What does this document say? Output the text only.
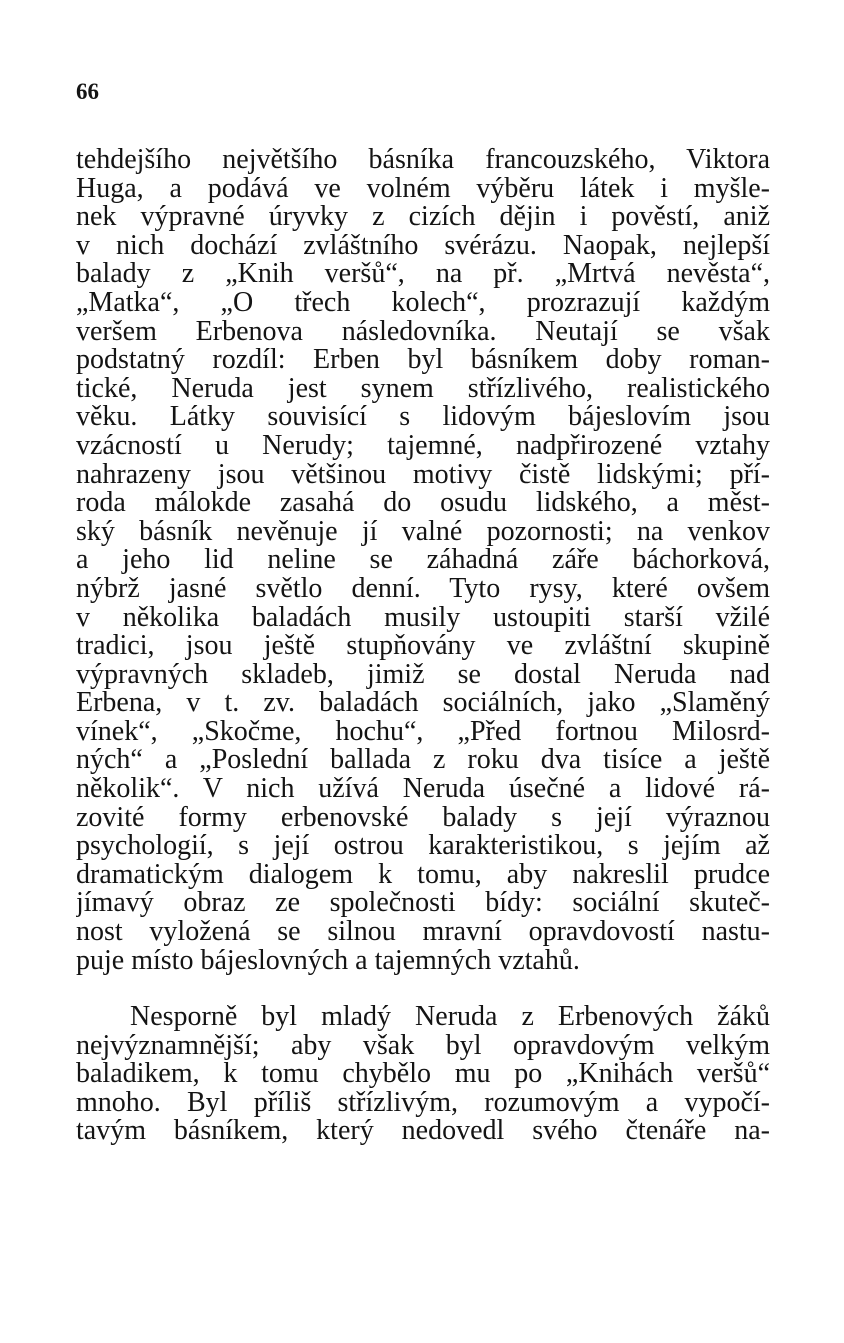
66
tehdejšího největšího básníka francouzského, Viktora
Huga, a podává ve volném výběru látek i myšle-
nek výpravné úryvky z cizích dějin i pověstí, aniž
v nich dochází zvláštního svérázu. Naopak, nejlepší
balady z „Knih veršů“, na př. „Mrtvá nevěsta“,
„Matka“, „O třech kolech“, prozrazují každým
veršem Erbenova následovníka. Neutají se však
podstatný rozdíl: Erben byl básníkem doby roman-
tické, Neruda jest synem střízlivého, realistického
věku. Látky souvisící s lidovým bájeslovím jsou
vzácností u Nerudy; tajemné, nadpřirozené vztahy
nahrazeny jsou většinou motivy čistě lidskými; pří-
roda málokde zasahá do osudu lidského, a měst-
ský básník nevěnuje jí valné pozornosti; na venkov
a jeho lid neline se záhadná záře báchorková,
nýbrž jasné světlo denní. Tyto rysy, které ovšem
v několika baladách musily ustoupiti starší vžilé
tradici, jsou ještě stupňovány ve zvláštní skupině
výpravných skladeb, jimiž se dostal Neruda nad
Erbena, v t. zv. baladách sociálních, jako „Slaměný
vínek“, „Skočme, hochu“, „Před fortnou Milosrd-
ných“ a „Poslední ballada z roku dva tisíce a ještě
několik“. V nich užívá Neruda úsečné a lidové rá-
zovité formy erbenovské balady s její výraznou
psychologií, s její ostrou karakteristikou, s jejím až
dramatickým dialogem k tomu, aby nakreslil prudce
jímavý obraz ze společnosti bídy: sociální skuteč-
nost vyložená se silnou mravní opravdovostí nastu-
puje místo bájeslovných a tajemných vztahů.
Nesporně byl mladý Neruda z Erbenových žáků
nejvýznamnější; aby však byl opravdovým velkým
baladikem, k tomu chybělo mu po „Knihách veršů“
mnoho. Byl příliš střízlivým, rozumovým a vypočí-
tavým básníkem, který nedovedl svého čtenáře na-
